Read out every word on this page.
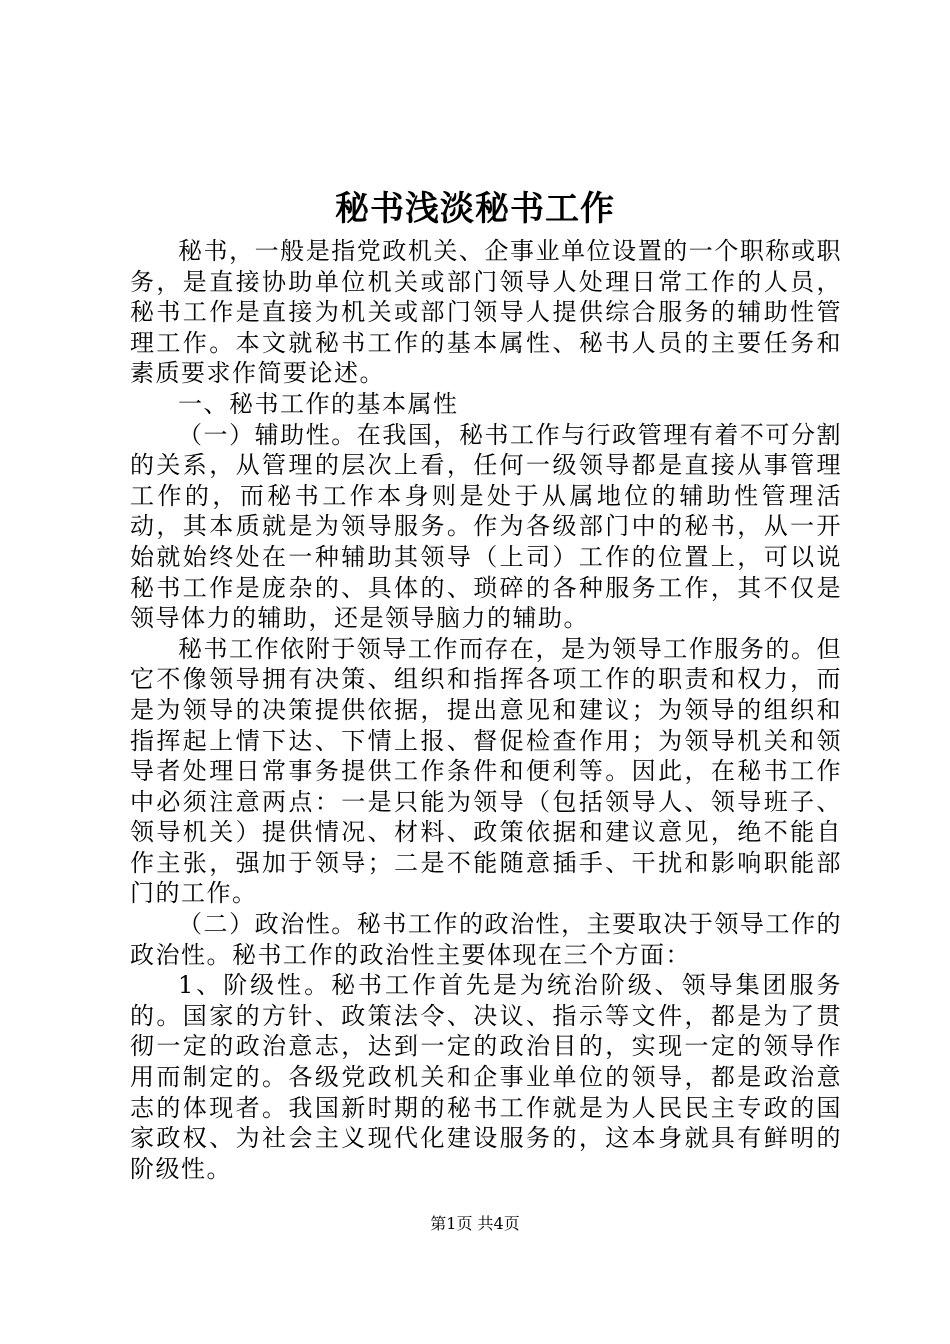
秘书浅淡秘书工作

秘书，一般是指党政机关、企事业单位设置的一个职称或职务，是直接协助单位机关或部门领导人处理日常工作的人员，秘书工作是直接为机关或部门领导人提供综合服务的辅助性管理工作。本文就秘书工作的基本属性、秘书人员的主要任务和素质要求作简要论述。

一、秘书工作的基本属性

（一）辅助性。在我国，秘书工作与行政管理有着不可分割的关系，从管理的层次上看，任何一级领导都是直接从事管理工作的，而秘书工作本身则是处于从属地位的辅助性管理活动，其本质就是为领导服务。作为各级部门中的秘书，从一开始就始终处在一种辅助其领导（上司）工作的位置上，可以说秘书工作是庞杂的、具体的、琐碎的各种服务工作，其不仅是领导体力的辅助，还是领导脑力的辅助。

秘书工作依附于领导工作而存在，是为领导工作服务的。但它不像领导拥有决策、组织和指挥各项工作的职责和权力，而是为领导的决策提供依据，提出意见和建议；为领导的组织和指挥起上情下达、下情上报、督促检查作用；为领导机关和领导者处理日常事务提供工作条件和便利等。因此，在秘书工作中必须注意两点：一是只能为领导（包括领导人、领导班子、领导机关）提供情况、材料、政策依据和建议意见，绝不能自作主张，强加于领导；二是不能随意插手、干扰和影响职能部门的工作。

（二）政治性。秘书工作的政治性，主要取决于领导工作的政治性。秘书工作的政治性主要体现在三个方面：

1、阶级性。秘书工作首先是为统治阶级、领导集团服务的。国家的方针、政策法令、决议、指示等文件，都是为了贯彻一定的政治意志，达到一定的政治目的，实现一定的领导作用而制定的。各级党政机关和企事业单位的领导，都是政治意志的体现者。我国新时期的秘书工作就是为人民民主专政的国家政权、为社会主义现代化建设服务的，这本身就具有鲜明的阶级性。

第1页 共4页
